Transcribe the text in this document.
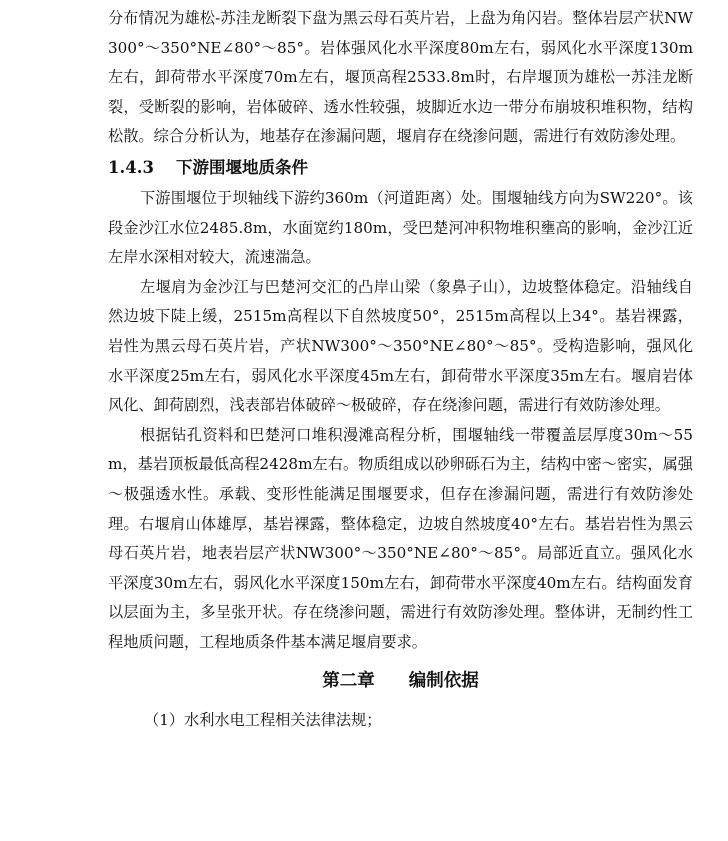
分布情况为雄松-苏洼龙断裂下盘为黑云母石英片岩，上盘为角闪岩。整体岩层产状NW300°～350°NE∠80°～85°。岩体强风化水平深度80m左右，弱风化水平深度130m左右，卸荷带水平深度70m左右，堰顶高程2533.8m时，右岸堰顶为雄松一苏洼龙断裂，受断裂的影响，岩体破碎、透水性较强，坡脚近水边一带分布崩坡积堆积物，结构松散。综合分析认为，地基存在渗漏问题，堰肩存在绕渗问题，需进行有效防渗处理。

1.4.3 下游围堰地质条件

下游围堰位于坝轴线下游约360m（河道距离）处。围堰轴线方向为SW220°。该段金沙江水位2485.8m，水面宽约180m，受巴楚河冲积物堆积壅高的影响，金沙江近左岸水深相对较大，流速湍急。

左堰肩为金沙江与巴楚河交汇的凸岸山梁（象鼻子山），边坡整体稳定。沿轴线自然边坡下陡上缓，2515m高程以下自然坡度50°，2515m高程以上34°。基岩裸露，岩性为黑云母石英片岩，产状NW300°～350°NE∠80°～85°。受构造影响，强风化水平深度25m左右，弱风化水平深度45m左右，卸荷带水平深度35m左右。堰肩岩体风化、卸荷剧烈，浅表部岩体破碎～极破碎，存在绕渗问题，需进行有效防渗处理。

根据钻孔资料和巴楚河口堆积漫滩高程分析，围堰轴线一带覆盖层厚度30m～55m，基岩顶板最低高程2428m左右。物质组成以砂卵砾石为主，结构中密～密实，属强～极强透水性。承载、变形性能满足围堰要求，但存在渗漏问题，需进行有效防渗处理。右堰肩山体雄厚，基岩裸露，整体稳定，边坡自然坡度40°左右。基岩岩性为黑云母石英片岩，地表岩层产状NW300°～350°NE∠80°～85°。局部近直立。强风化水平深度30m左右，弱风化水平深度150m左右，卸荷带水平深度40m左右。结构面发育以层面为主，多呈张开状。存在绕渗问题，需进行有效防渗处理。整体讲，无制约性工程地质问题，工程地质条件基本满足堰肩要求。

第二章 编制依据

（1）水利水电工程相关法律法规；
